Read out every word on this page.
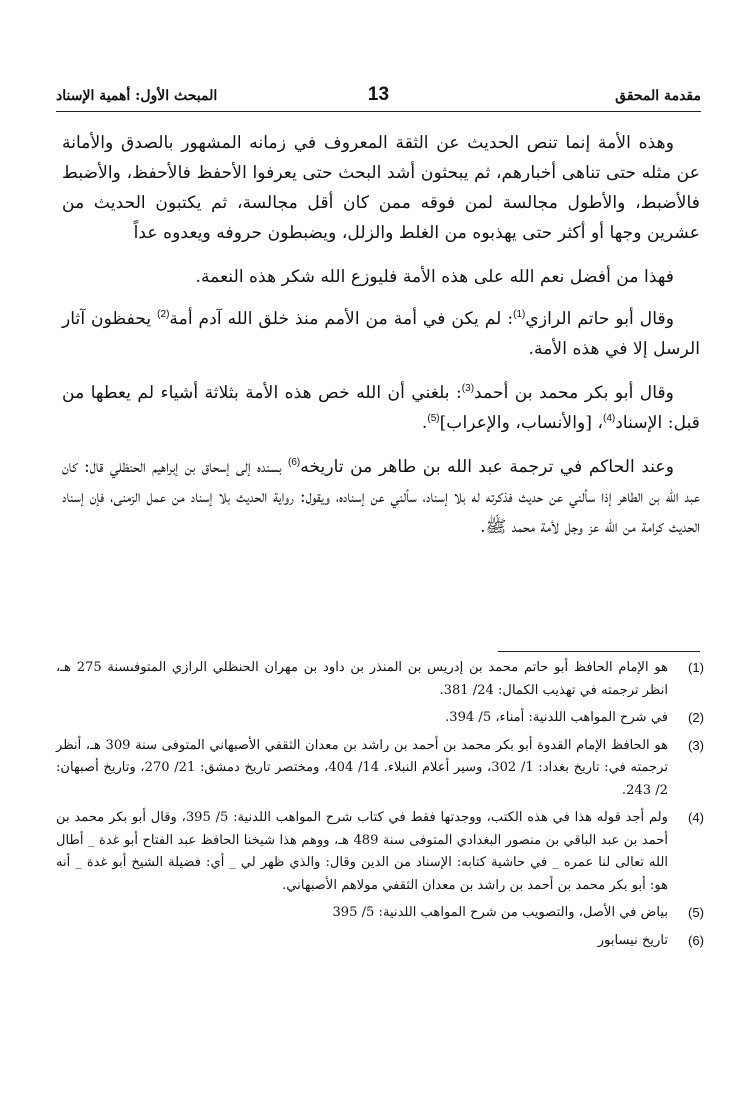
مقدمة المحقق
13
المبحث الأول: أهمية الإسناد

وهذه الأمة إنما تنص الحديث عن الثقة المعروف في زمانه المشهور بالصدق والأمانة عن مثله حتى تناهى أخبارهم، ثم يبحثون أشد البحث حتى يعرفوا الأحفظ فالأحفظ، والأضبط فالأضبط، والأطول مجالسة لمن فوقه ممن كان أقل مجالسة، ثم يكتبون الحديث من عشرين وجها أو أكثر حتى يهذبوه من الغلط والزلل، ويضبطون حروفه ويعدوه عداً

فهذا من أفضل نعم الله على هذه الأمة فليوزع الله شكر هذه النعمة.

وقال أبو حاتم الرازي$^{(1)}$: لم يكن في أمة من الأمم منذ خلق الله آدم أمة$^{(2)}$ يحفظون آثار الرسل إلا في هذه الأمة.

وقال أبو بكر محمد بن أحمد$^{(3)}$: بلغني أن الله خص هذه الأمة بثلاثة أشياء لم يعطها من قبل: الإسناد$^{(4)}$، [والأنساب، والإعراب]$^{(5)}$.

وعند الحاكم في ترجمة عبد الله بن طاهر من تاريخه$^{(6)}$ بسنده إلى إسحاق بن إبراهيم الحنظلي قال: كان عبد الله بن الطاهر إذا سألني عن حديث فذكرته له بلا إسناد، سألني عن إسناده، ويقول: رواية الحديث بلا إسناد من عمل الزمنى، فإن إسناد الحديث كرامة من الله عز وجل لأمة محمد ﷺ.

(1)
هو الإمام الحافظ أبو حاتم محمد بن إدريس بن المنذر بن داود بن مهران الحنظلي الرازي المتوفىسنة 275 هـ، انظر ترجمته في تهذيب الكمال: 24/ 381.
(2)
في شرح المواهب اللدنية: أمناء، 5/ 394.
(3)
هو الحافظ الإمام القدوة أبو بكر محمد بن أحمد بن راشد بن معدان الثقفي الأصبهاني المتوفى سنة 309 هـ، أنظر ترجمته في: تاريخ بغداد: 1/ 302، وسير أعلام النبلاء. 14/ 404، ومختصر تاريخ دمشق: 21/ 270، وتاريخ أصبهان: 2/ 243.
(4)
ولم أجد قوله هذا في هذه الكتب، ووجدتها فقط في كتاب شرح المواهب اللدنية: 5/ 395، وقال أبو بكر محمد بن أحمد بن عبد الباقي بن منصور البغدادي المتوفى سنة 489 هـ، ووهم هذا شيخنا الحافظ عبد الفتاح أبو غدة _ أطال الله تعالى لنا عمره _ في حاشية كتابه: الإسناد من الدين وقال: والذي ظهر لي _ أي: فضيلة الشيخ أبو غدة _ أنه هو: أبو بكر محمد بن أحمد بن راشد بن معدان الثقفي مولاهم الأصبهاني.
(5)
بياض في الأصل، والتصويب من شرح المواهب اللدنية: 5/ 395
(6)
تاريخ نيسابور
